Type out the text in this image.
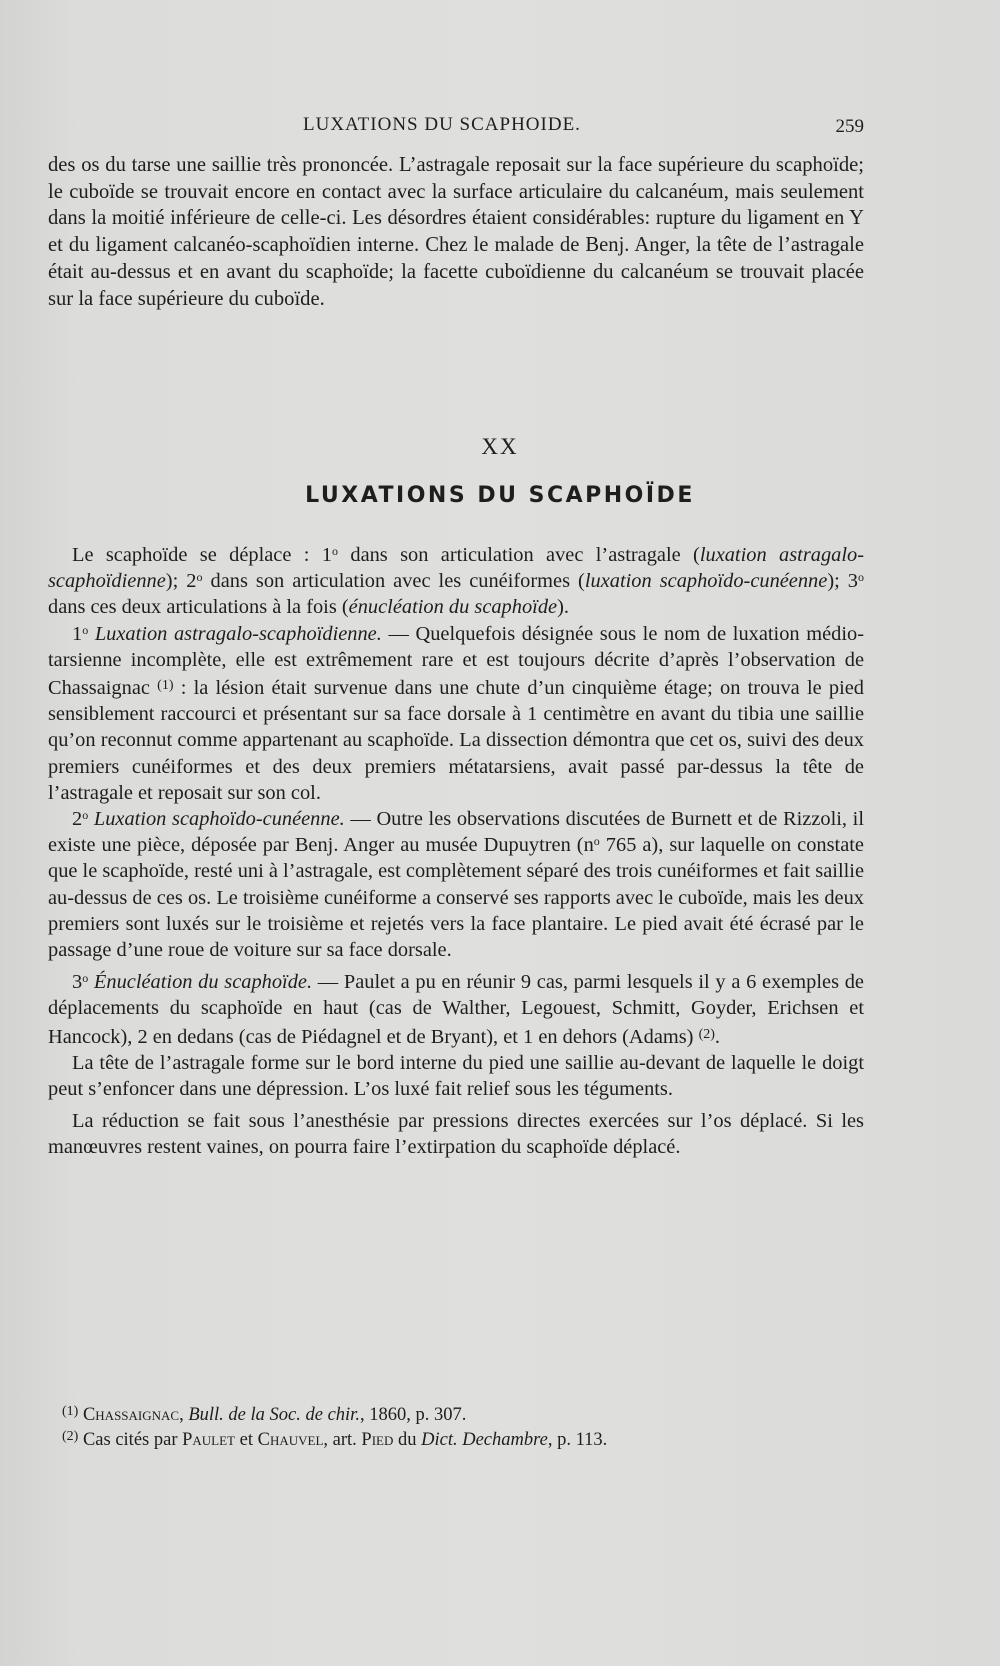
LUXATIONS DU SCAPHOIDE.	259

des os du tarse une saillie très prononcée. L’astragale reposait sur la face supérieure du scaphoïde; le cuboïde se trouvait encore en contact avec la surface articulaire du calcanéum, mais seulement dans la moitié inférieure de celle-ci. Les désordres étaient considérables: rupture du ligament en Y et du ligament calcanéo-scaphoïdien interne. Chez le malade de Benj. Anger, la tête de l’astragale était au-dessus et en avant du scaphoïde; la facette cuboïdienne du calcanéum se trouvait placée sur la face supérieure du cuboïde.

XX
LUXATIONS DU SCAPHOÏDE

Le scaphoïde se déplace : 1$^o$ dans son articulation avec l’astragale (luxation astragalo-scaphoïdienne); 2$^o$ dans son articulation avec les cunéiformes (luxation scaphoïdo-cunéenne); 3$^o$ dans ces deux articulations à la fois (énucléation du scaphoïde).

1$^o$ Luxation astragalo-scaphoïdienne. — Quelquefois désignée sous le nom de luxation médio-tarsienne incomplète, elle est extrêmement rare et est toujours décrite d’après l’observation de Chassaignac $^{(1)}$ : la lésion était survenue dans une chute d’un cinquième étage; on trouva le pied sensiblement raccourci et présentant sur sa face dorsale à 1 centimètre en avant du tibia une saillie qu’on reconnut comme appartenant au scaphoïde. La dissection démontra que cet os, suivi des deux premiers cunéiformes et des deux premiers métatarsiens, avait passé par-dessus la tête de l’astragale et reposait sur son col.

2$^o$ Luxation scaphoïdo-cunéenne. — Outre les observations discutées de Burnett et de Rizzoli, il existe une pièce, déposée par Benj. Anger au musée Dupuytren ($n^o$ 765 a), sur laquelle on constate que le scaphoïde, resté uni à l’astragale, est complètement séparé des trois cunéiformes et fait saillie au-dessus de ces os. Le troisième cunéiforme a conservé ses rapports avec le cuboïde, mais les deux premiers sont luxés sur le troisième et rejetés vers la face plantaire. Le pied avait été écrasé par le passage d’une roue de voiture sur sa face dorsale.

3$^o$ Énucléation du scaphoïde. — Paulet a pu en réunir 9 cas, parmi lesquels il y a 6 exemples de déplacements du scaphoïde en haut (cas de Walther, Legouest, Schmitt, Goyder, Erichsen et Hancock), 2 en dedans (cas de Piédagnel et de Bryant), et 1 en dehors (Adams) $^{(2)}$.

La tête de l’astragale forme sur le bord interne du pied une saillie au-devant de laquelle le doigt peut s’enfoncer dans une dépression. L’os luxé fait relief sous les téguments.

La réduction se fait sous l’anesthésie par pressions directes exercées sur l’os déplacé. Si les manœuvres restent vaines, on pourra faire l’extirpation du scaphoïde déplacé.

$^{(1)}$ Chassaignac, Bull. de la Soc. de chir., 1860, p. 307.

$^{(2)}$ Cas cités par Paulet et Chauvel, art. Pied du Dict. Dechambre, p. 113.
